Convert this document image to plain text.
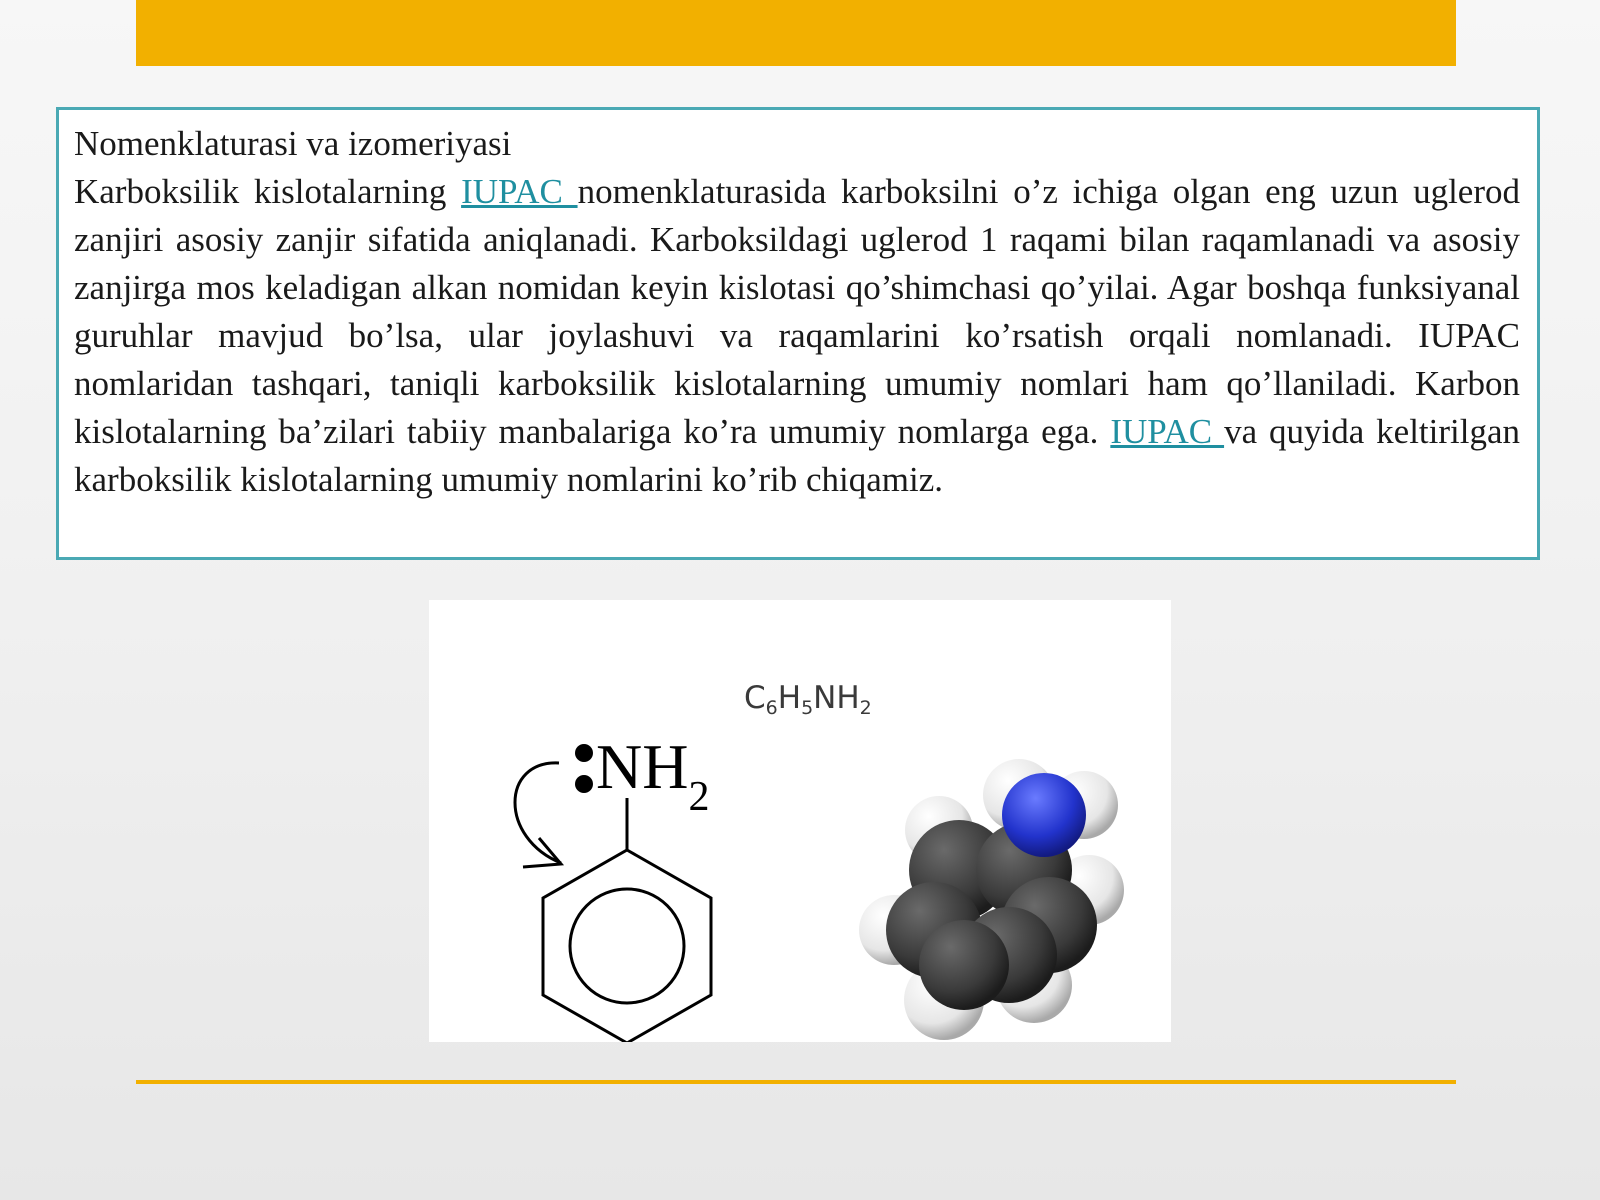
Nomenklaturasi va izomeriyasi

Karboksilik kislotalarning IUPAC nomenklaturasida karboksilni o’z ichiga olgan eng uzun uglerod zanjiri asosiy zanjir sifatida aniqlanadi. Karboksildagi uglerod 1 raqami bilan raqamlanadi va asosiy zanjirga mos keladigan alkan nomidan keyin kislotasi qo’shimchasi qo’yilai. Agar boshqa funksiyanal guruhlar mavjud bo’lsa, ular joylashuvi va raqamlarini ko’rsatish orqali nomlanadi. IUPAC nomlaridan tashqari, taniqli karboksilik kislotalarning umumiy nomlari ham qo’llaniladi. Karbon kislotalarning ba’zilari tabiiy manbalariga ko’ra umumiy nomlarga ega. IUPAC va quyida keltirilgan karboksilik kislotalarning umumiy nomlarini ko’rib chiqamiz.

$C_6H_5NH_2$
$NH_2$
